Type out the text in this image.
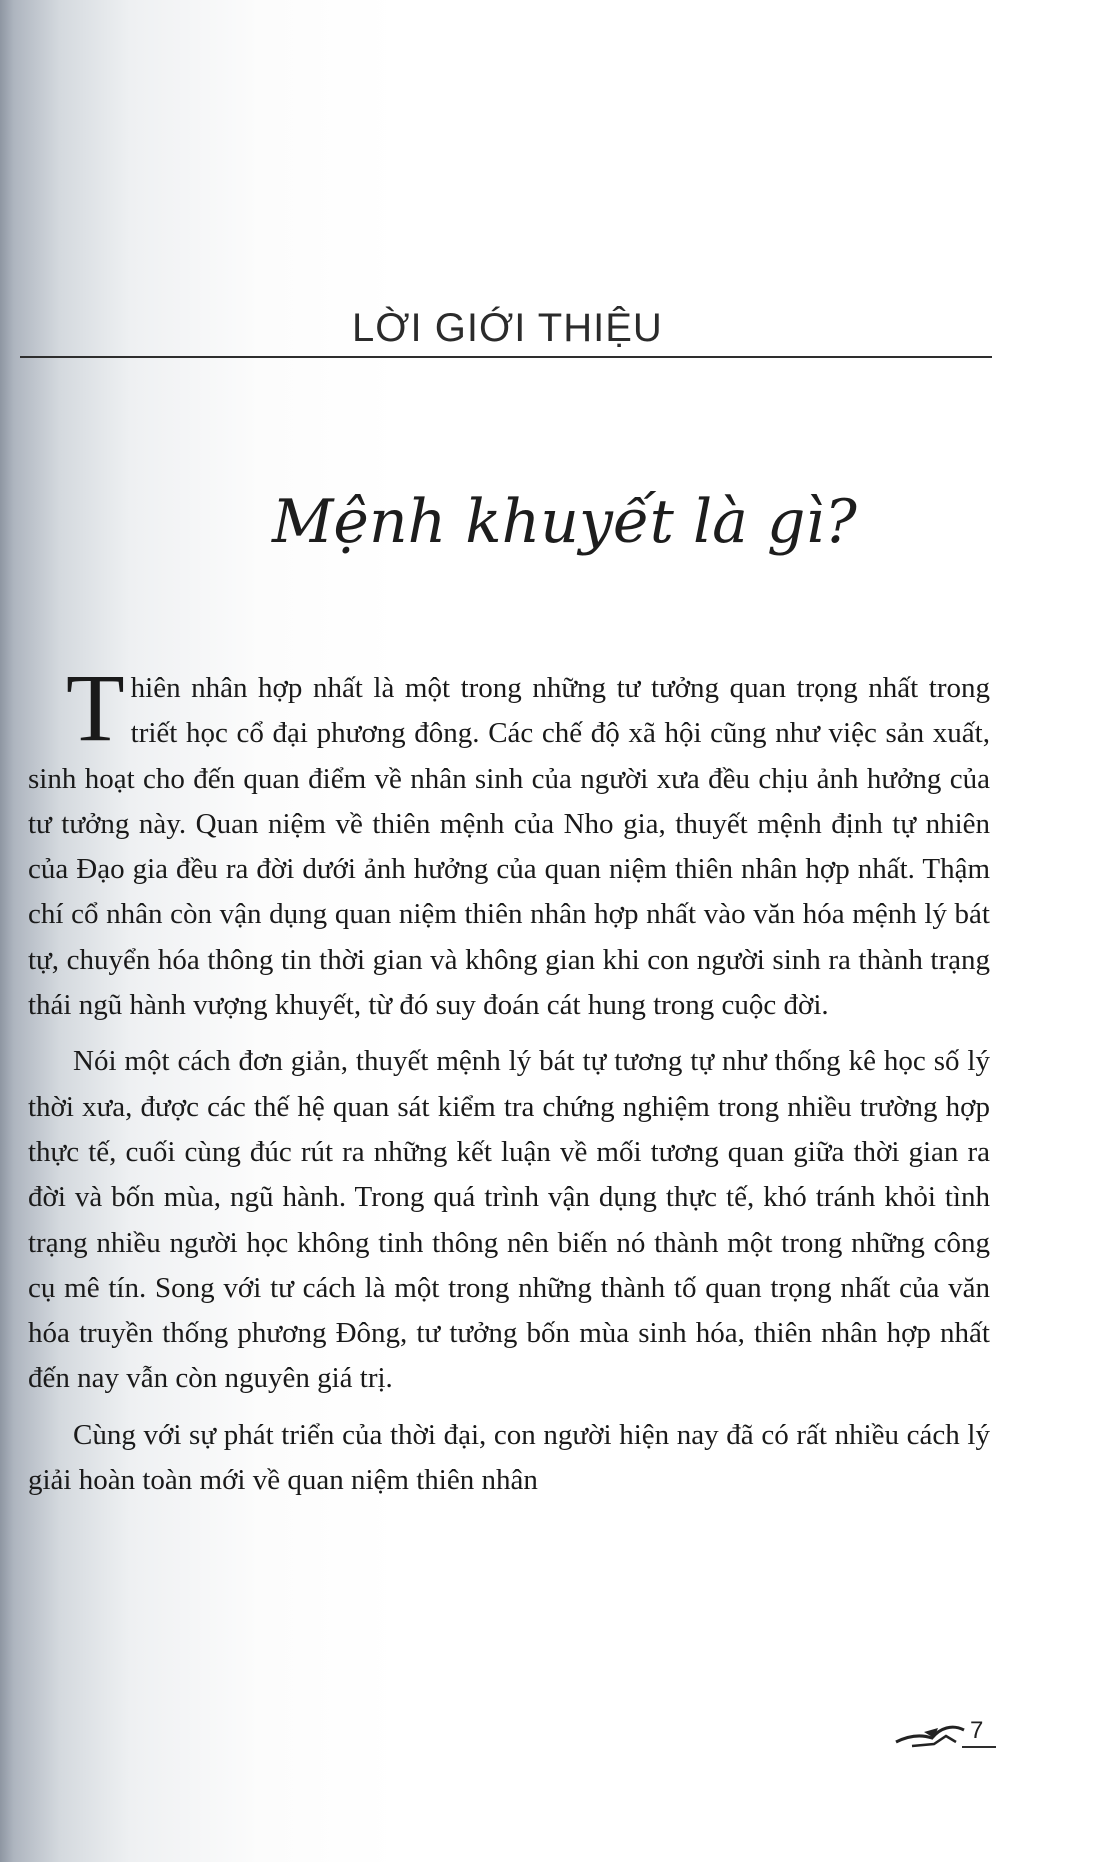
LỜI GIỚI THIỆU
Mệnh khuyết là gì?

Thiên nhân hợp nhất là một trong những tư tưởng quan trọng nhất trong triết học cổ đại phương đông. Các chế độ xã hội cũng như việc sản xuất, sinh hoạt cho đến quan điểm về nhân sinh của người xưa đều chịu ảnh hưởng của tư tưởng này. Quan niệm về thiên mệnh của Nho gia, thuyết mệnh định tự nhiên của Đạo gia đều ra đời dưới ảnh hưởng của quan niệm thiên nhân hợp nhất. Thậm chí cổ nhân còn vận dụng quan niệm thiên nhân hợp nhất vào văn hóa mệnh lý bát tự, chuyển hóa thông tin thời gian và không gian khi con người sinh ra thành trạng thái ngũ hành vượng khuyết, từ đó suy đoán cát hung trong cuộc đời.

Nói một cách đơn giản, thuyết mệnh lý bát tự tương tự như thống kê học số lý thời xưa, được các thế hệ quan sát kiểm tra chứng nghiệm trong nhiều trường hợp thực tế, cuối cùng đúc rút ra những kết luận về mối tương quan giữa thời gian ra đời và bốn mùa, ngũ hành. Trong quá trình vận dụng thực tế, khó tránh khỏi tình trạng nhiều người học không tinh thông nên biến nó thành một trong những công cụ mê tín. Song với tư cách là một trong những thành tố quan trọng nhất của văn hóa truyền thống phương Đông, tư tưởng bốn mùa sinh hóa, thiên nhân hợp nhất đến nay vẫn còn nguyên giá trị.

Cùng với sự phát triển của thời đại, con người hiện nay đã có rất nhiều cách lý giải hoàn toàn mới về quan niệm thiên nhân

7
